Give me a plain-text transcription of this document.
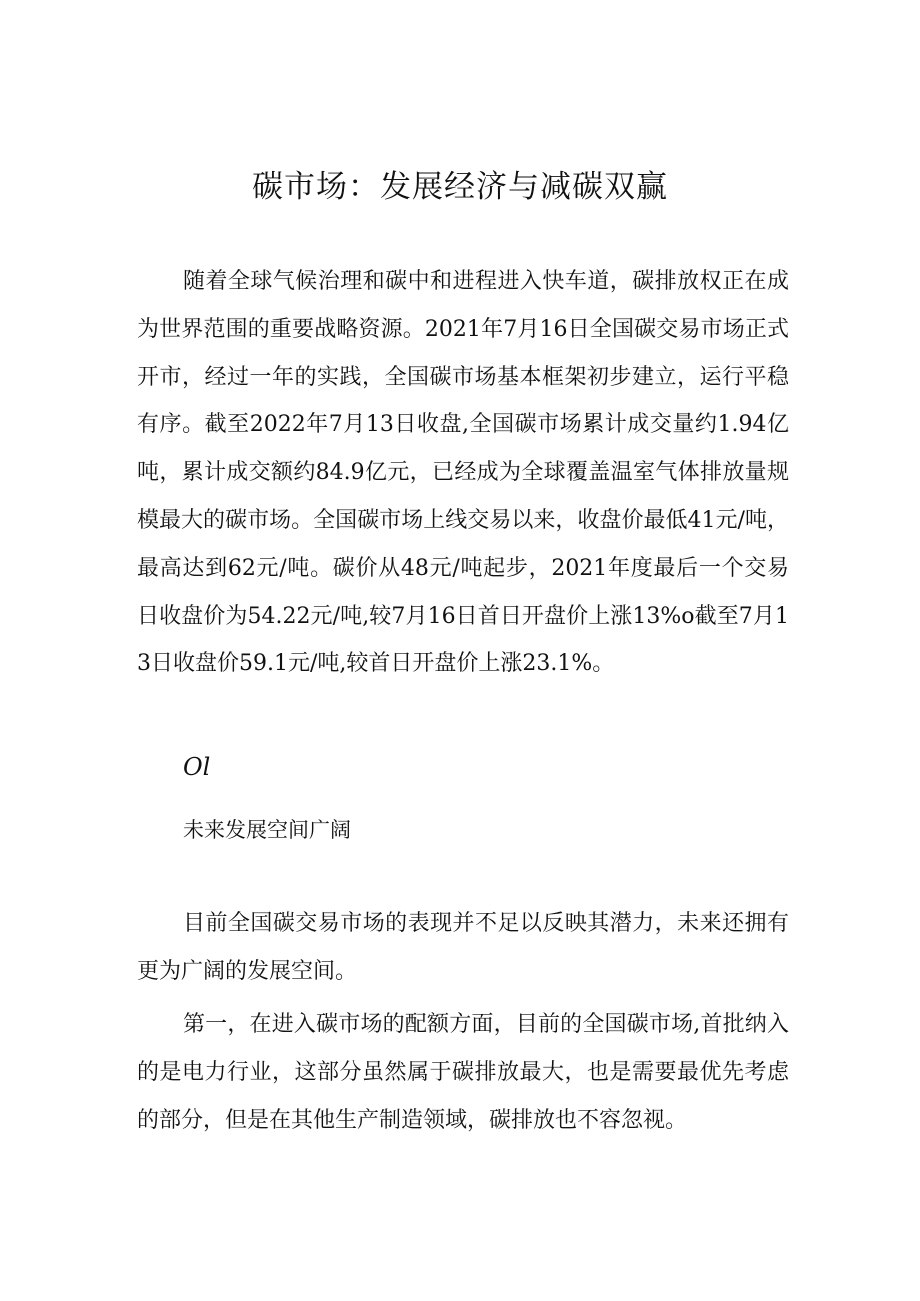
碳市场：发展经济与减碳双赢

随着全球气候治理和碳中和进程进入快车道，碳排放权正在成为世界范围的重要战略资源。2021年7月16日全国碳交易市场正式开市，经过一年的实践，全国碳市场基本框架初步建立，运行平稳有序。截至2022年7月13日收盘,全国碳市场累计成交量约1.94亿吨，累计成交额约84.9亿元，已经成为全球覆盖温室气体排放量规模最大的碳市场。全国碳市场上线交易以来，收盘价最低41元/吨，最高达到62元/吨。碳价从48元/吨起步，2021年度最后一个交易日收盘价为54.22元/吨,较7月16日首日开盘价上涨13%o截至7月13日收盘价59.1元/吨,较首日开盘价上涨23.1%。

Ol

未来发展空间广阔

目前全国碳交易市场的表现并不足以反映其潜力，未来还拥有更为广阔的发展空间。

第一，在进入碳市场的配额方面，目前的全国碳市场,首批纳入的是电力行业，这部分虽然属于碳排放最大，也是需要最优先考虑的部分，但是在其他生产制造领域，碳排放也不容忽视。
